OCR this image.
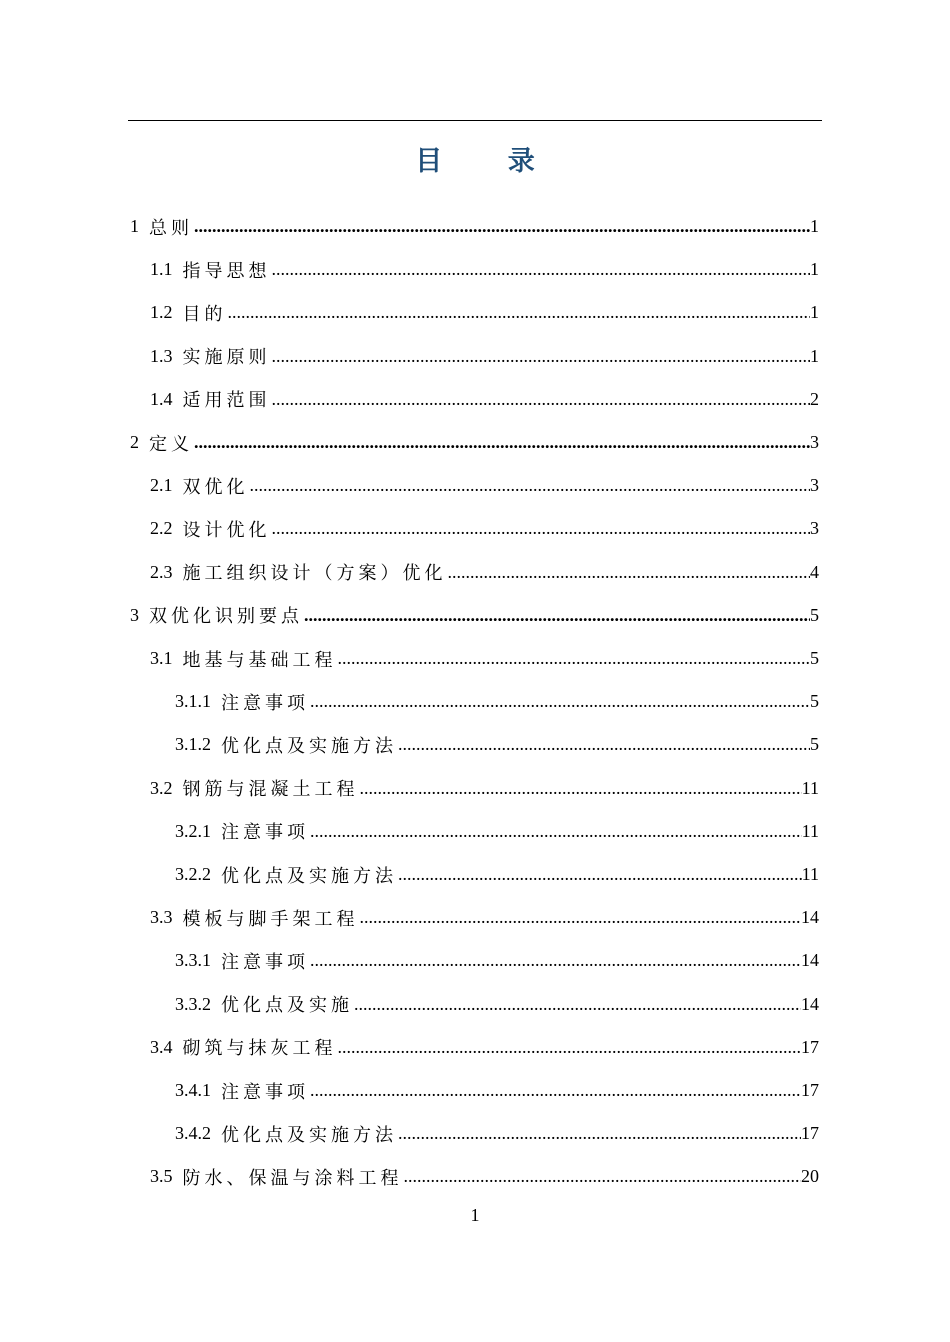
目 录
1 总则 .....	1
1.1 指导思想 .....	1
1.2 目的 .....	1
1.3 实施原则 .....	1
1.4 适用范围 .....	2
2 定义 .....	3
2.1 双优化 .....	3
2.2 设计优化 .....	3
2.3 施工组织设计（方案）优化 .....	4
3 双优化识别要点 .....	5
3.1 地基与基础工程 .....	5
3.1.1 注意事项 .....	5
3.1.2 优化点及实施方法 .....	5
3.2 钢筋与混凝土工程 .....	11
3.2.1 注意事项 .....	11
3.2.2 优化点及实施方法 .....	11
3.3 模板与脚手架工程 .....	14
3.3.1 注意事项 .....	14
3.3.2 优化点及实施 .....	14
3.4 砌筑与抹灰工程 .....	17
3.4.1 注意事项 .....	17
3.4.2 优化点及实施方法 .....	17
3.5 防水、保温与涂料工程 .....	20
1
